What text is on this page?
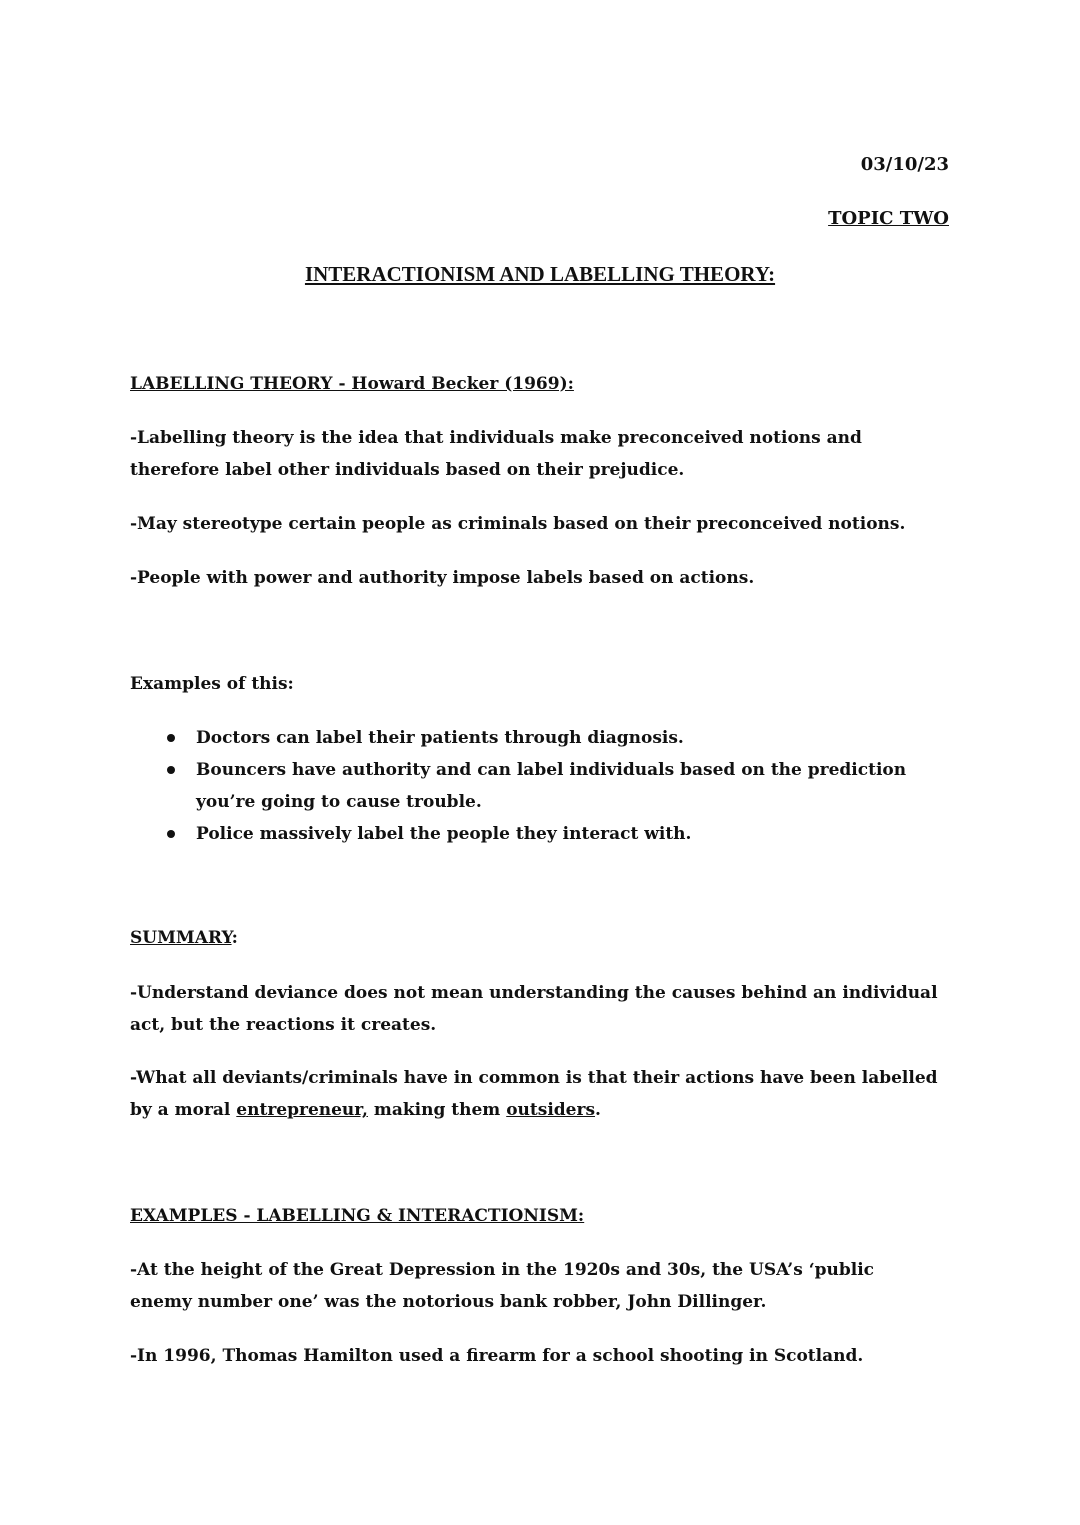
03/10/23

TOPIC TWO

INTERACTIONISM AND LABELLING THEORY:

LABELLING THEORY - Howard Becker (1969):

-Labelling theory is the idea that individuals make preconceived notions and therefore label other individuals based on their prejudice.

-May stereotype certain people as criminals based on their preconceived notions.

-People with power and authority impose labels based on actions.

Examples of this:

Doctors can label their patients through diagnosis.
Bouncers have authority and can label individuals based on the prediction you’re going to cause trouble.
Police massively label the people they interact with.

SUMMARY:

-Understand deviance does not mean understanding the causes behind an individual act, but the reactions it creates.

-What all deviants/criminals have in common is that their actions have been labelled by a moral entrepreneur, making them outsiders.

EXAMPLES - LABELLING & INTERACTIONISM:

-At the height of the Great Depression in the 1920s and 30s, the USA’s ‘public enemy number one’ was the notorious bank robber, John Dillinger.

-In 1996, Thomas Hamilton used a firearm for a school shooting in Scotland.
